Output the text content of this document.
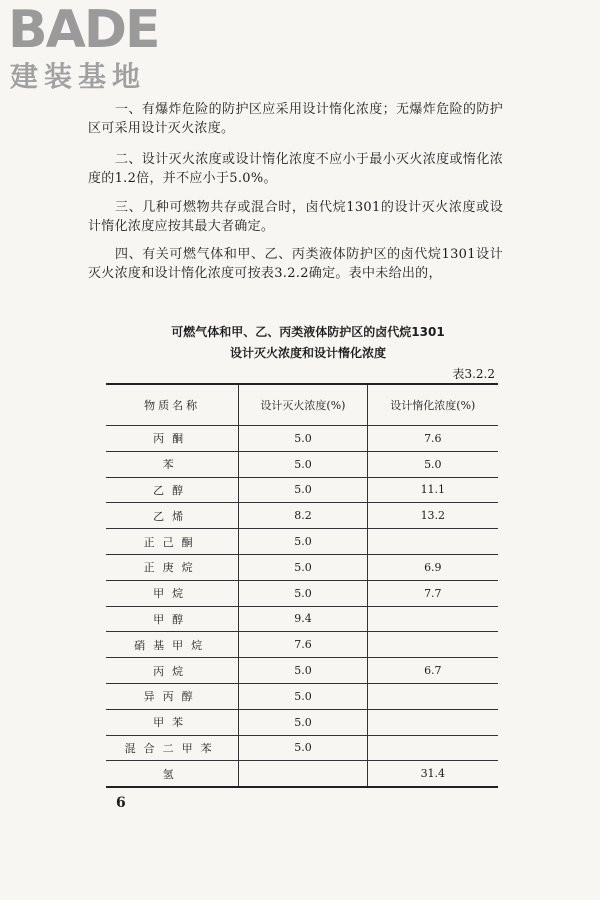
BADE
建装基地

一、有爆炸危险的防护区应采用设计惰化浓度；无爆炸危险的防护区可采用设计灭火浓度。

二、设计灭火浓度或设计惰化浓度不应小于最小灭火浓度或惰化浓度的1.2倍，并不应小于5.0%。

三、几种可燃物共存或混合时，卤代烷1301的设计灭火浓度或设计惰化浓度应按其最大者确定。

四、有关可燃气体和甲、乙、丙类液体防护区的卤代烷1301设计灭火浓度和设计惰化浓度可按表3.2.2确定。表中未给出的，

可燃气体和甲、乙、丙类液体防护区的卤代烷1301

设计灭火浓度和设计惰化浓度

表3.2.2
物质名称	设计灭火浓度(%)	设计惰化浓度(%)
丙酮	5.0	7.6
苯	5.0	5.0
乙醇	5.0	11.1
乙烯	8.2	13.2
正己酮	5.0	
正庚烷	5.0	6.9
甲烷	5.0	7.7
甲醇	9.4	
硝基甲烷	7.6	
丙烷	5.0	6.7
异丙醇	5.0	
甲苯	5.0	
混合二甲苯	5.0	
氢		31.4
6
